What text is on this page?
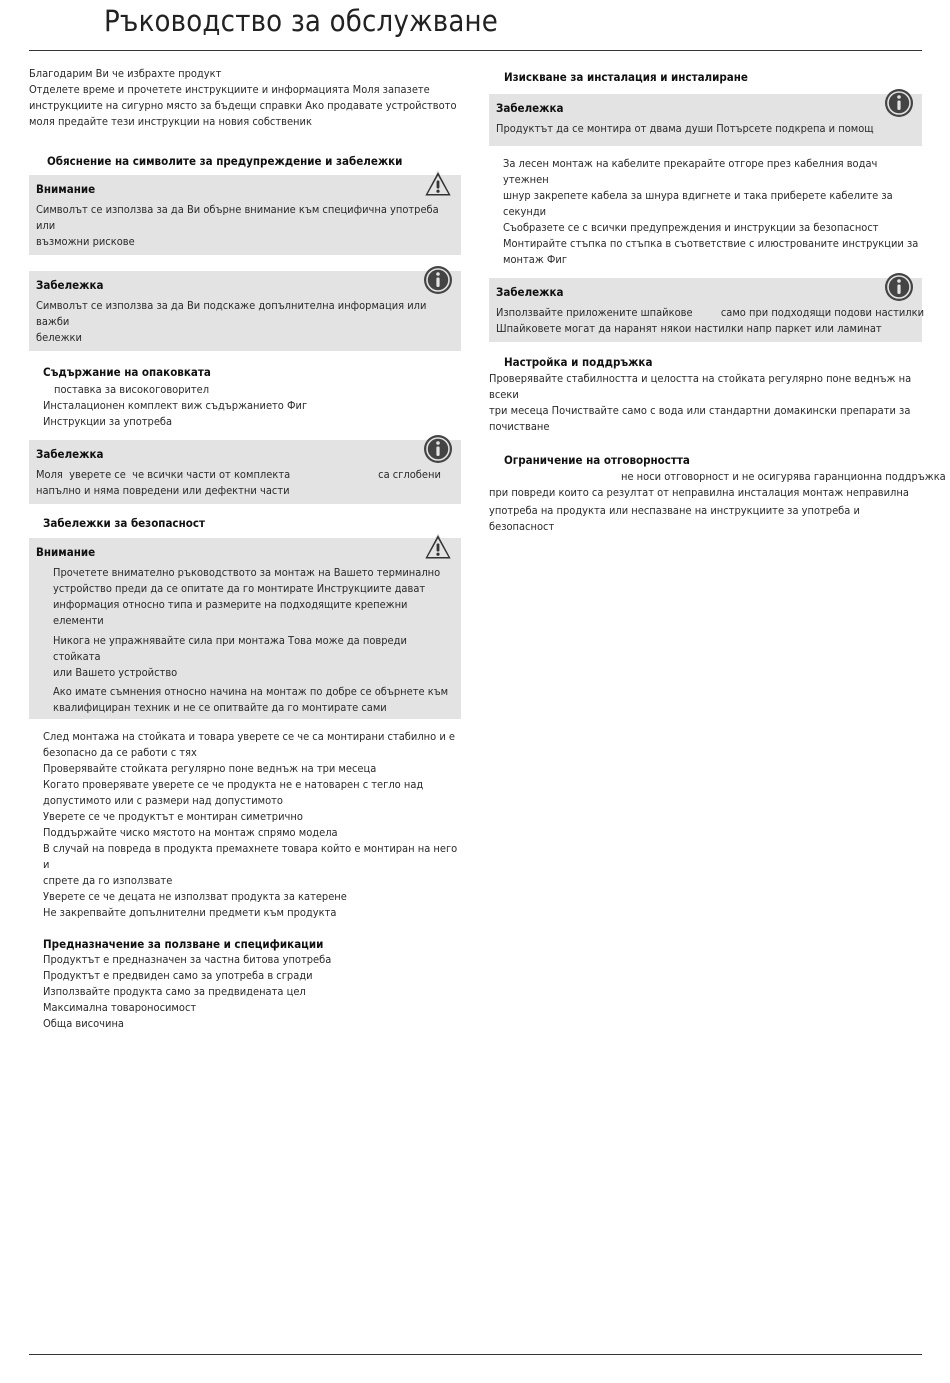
Ръководство за обслужване

Благодарим Ви че избрахте продукт

Отделете време и прочетете инструкциите и информацията Моля запазете

инструкциите на сигурно място за бъдещи справки Ако продавате устройството

моля предайте тези инструкции на новия собственик

Обяснение на символите за предупреждение и забележки

Внимание

Символът се използва за да Ви обърне внимание към специфична употреба или

възможни рискове

Забележка

Символът се използва за да Ви подскаже допълнителна информация или важби

бележки

Съдържание на опаковката

поставка за високоговорител

Инсталационен комплект виж съдържанието Фиг

Инструкции за употреба

Забележка

Моля  уверете се  че всички части от комплекта                            са сглобени

напълно и няма повредени или дефектни части

Забележки за безопасност

Внимание

Прочетете внимателно ръководството за монтаж на Вашето терминално

устройство преди да се опитате да го монтирате Инструкциите дават

информация относно типа и размерите на подходящите крепежни елементи

Никога не упражнявайте сила при монтажа Това може да повреди стойката

или Вашето устройство

Ако имате съмнения относно начина на монтаж по добре се обърнете към

квалифициран техник и не се опитвайте да го монтирате сами

След монтажа на стойката и товара уверете се че са монтирани стабилно и е

безопасно да се работи с тях

Проверявайте стойката регулярно поне веднъж на три месеца

Когато проверявате уверете се че продукта не е натоварен с тегло над

допустимото или с размери над допустимото

Уверете се че продуктът е монтиран симетрично

Поддържайте чиско мястото на монтаж спрямо модела

В случай на повреда в продукта премахнете товара който е монтиран на него и

спрете да го използвате

Уверете се че децата не използват продукта за катерене

Не закрепвайте допълнителни предмети към продукта

Предназначение за ползване и спецификации

Продуктът е предназначен за частна битова употреба

Продуктът е предвиден само за употреба в сгради

Използвайте продукта само за предвидената цел

Максимална товароносимост

Обща височина

Изискване за инсталация и инсталиране

Забележка

Продуктът да се монтира от двама души Потърсете подкрепа и помощ

За лесен монтаж на кабелите прекарайте отгоре през кабелния водач утежнен

шнур закрепете кабела за шнура вдигнете и така приберете кабелите за секунди

Съобразете се с всички предупреждения и инструкции за безопасност

Монтирайте стъпка по стъпка в съответствие с илюстрованите инструкции за

монтаж Фиг

Забележка

Използвайте приложените шпайкове         само при подходящи подови настилки

Шпайковете могат да наранят някои настилки напр паркет или ламинат

Настройка и поддръжка

Проверявайте стабилността и целостта на стойката регулярно поне веднъж на всеки

три месеца Почиствайте само с вода или стандартни домакински препарати за

почистване

Ограничение на отговорността

не носи отговорност и не осигурява гаранционна поддръжка

при повреди които са резултат от неправилна инсталация монтаж неправилна

употреба на продукта или неспазване на инструкциите за употреба и безопасност
